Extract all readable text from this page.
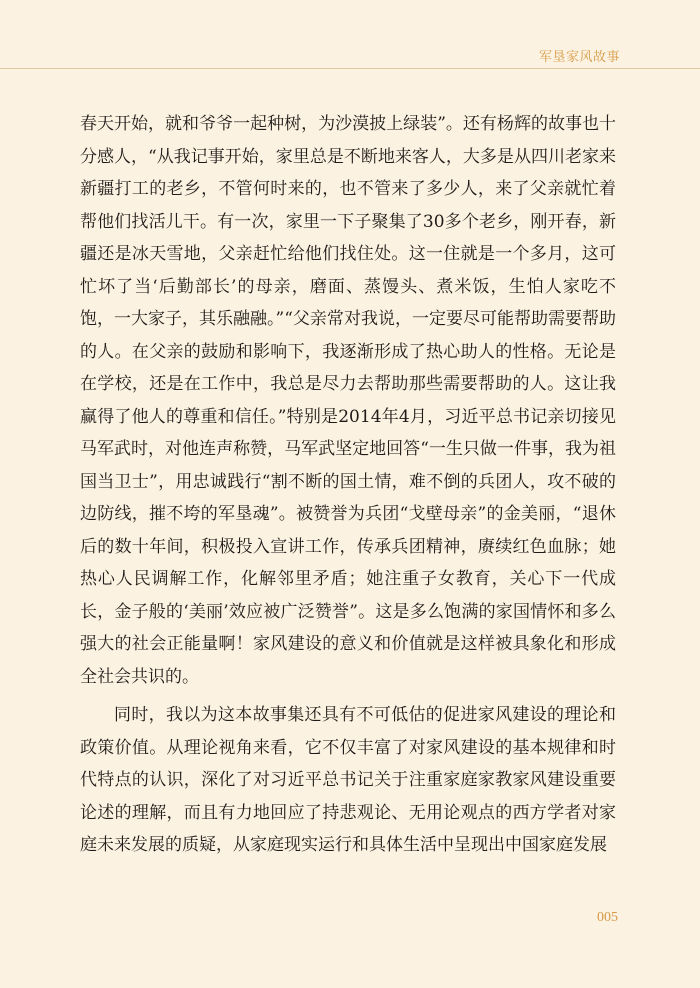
军垦家风故事

春天开始，就和爷爷一起种树，为沙漠披上绿装”。还有杨辉的故事也十分感人，“从我记事开始，家里总是不断地来客人，大多是从四川老家来新疆打工的老乡，不管何时来的，也不管来了多少人，来了父亲就忙着帮他们找活儿干。有一次，家里一下子聚集了30多个老乡，刚开春，新疆还是冰天雪地，父亲赶忙给他们找住处。这一住就是一个多月，这可忙坏了当‘后勤部长’的母亲，磨面、蒸馒头、煮米饭，生怕人家吃不饱，一大家子，其乐融融。”“父亲常对我说，一定要尽可能帮助需要帮助的人。在父亲的鼓励和影响下，我逐渐形成了热心助人的性格。无论是在学校，还是在工作中，我总是尽力去帮助那些需要帮助的人。这让我赢得了他人的尊重和信任。”特别是2014年4月，习近平总书记亲切接见马军武时，对他连声称赞，马军武坚定地回答“一生只做一件事，我为祖国当卫士”，用忠诚践行“割不断的国土情，难不倒的兵团人，攻不破的边防线，摧不垮的军垦魂”。被赞誉为兵团“戈壁母亲”的金美丽，“退休后的数十年间，积极投入宣讲工作，传承兵团精神，赓续红色血脉；她热心人民调解工作，化解邻里矛盾；她注重子女教育，关心下一代成长，金子般的‘美丽’效应被广泛赞誉”。这是多么饱满的家国情怀和多么强大的社会正能量啊！家风建设的意义和价值就是这样被具象化和形成全社会共识的。

同时，我以为这本故事集还具有不可低估的促进家风建设的理论和政策价值。从理论视角来看，它不仅丰富了对家风建设的基本规律和时代特点的认识，深化了对习近平总书记关于注重家庭家教家风建设重要论述的理解，而且有力地回应了持悲观论、无用论观点的西方学者对家庭未来发展的质疑，从家庭现实运行和具体生活中呈现出中国家庭发展

005
